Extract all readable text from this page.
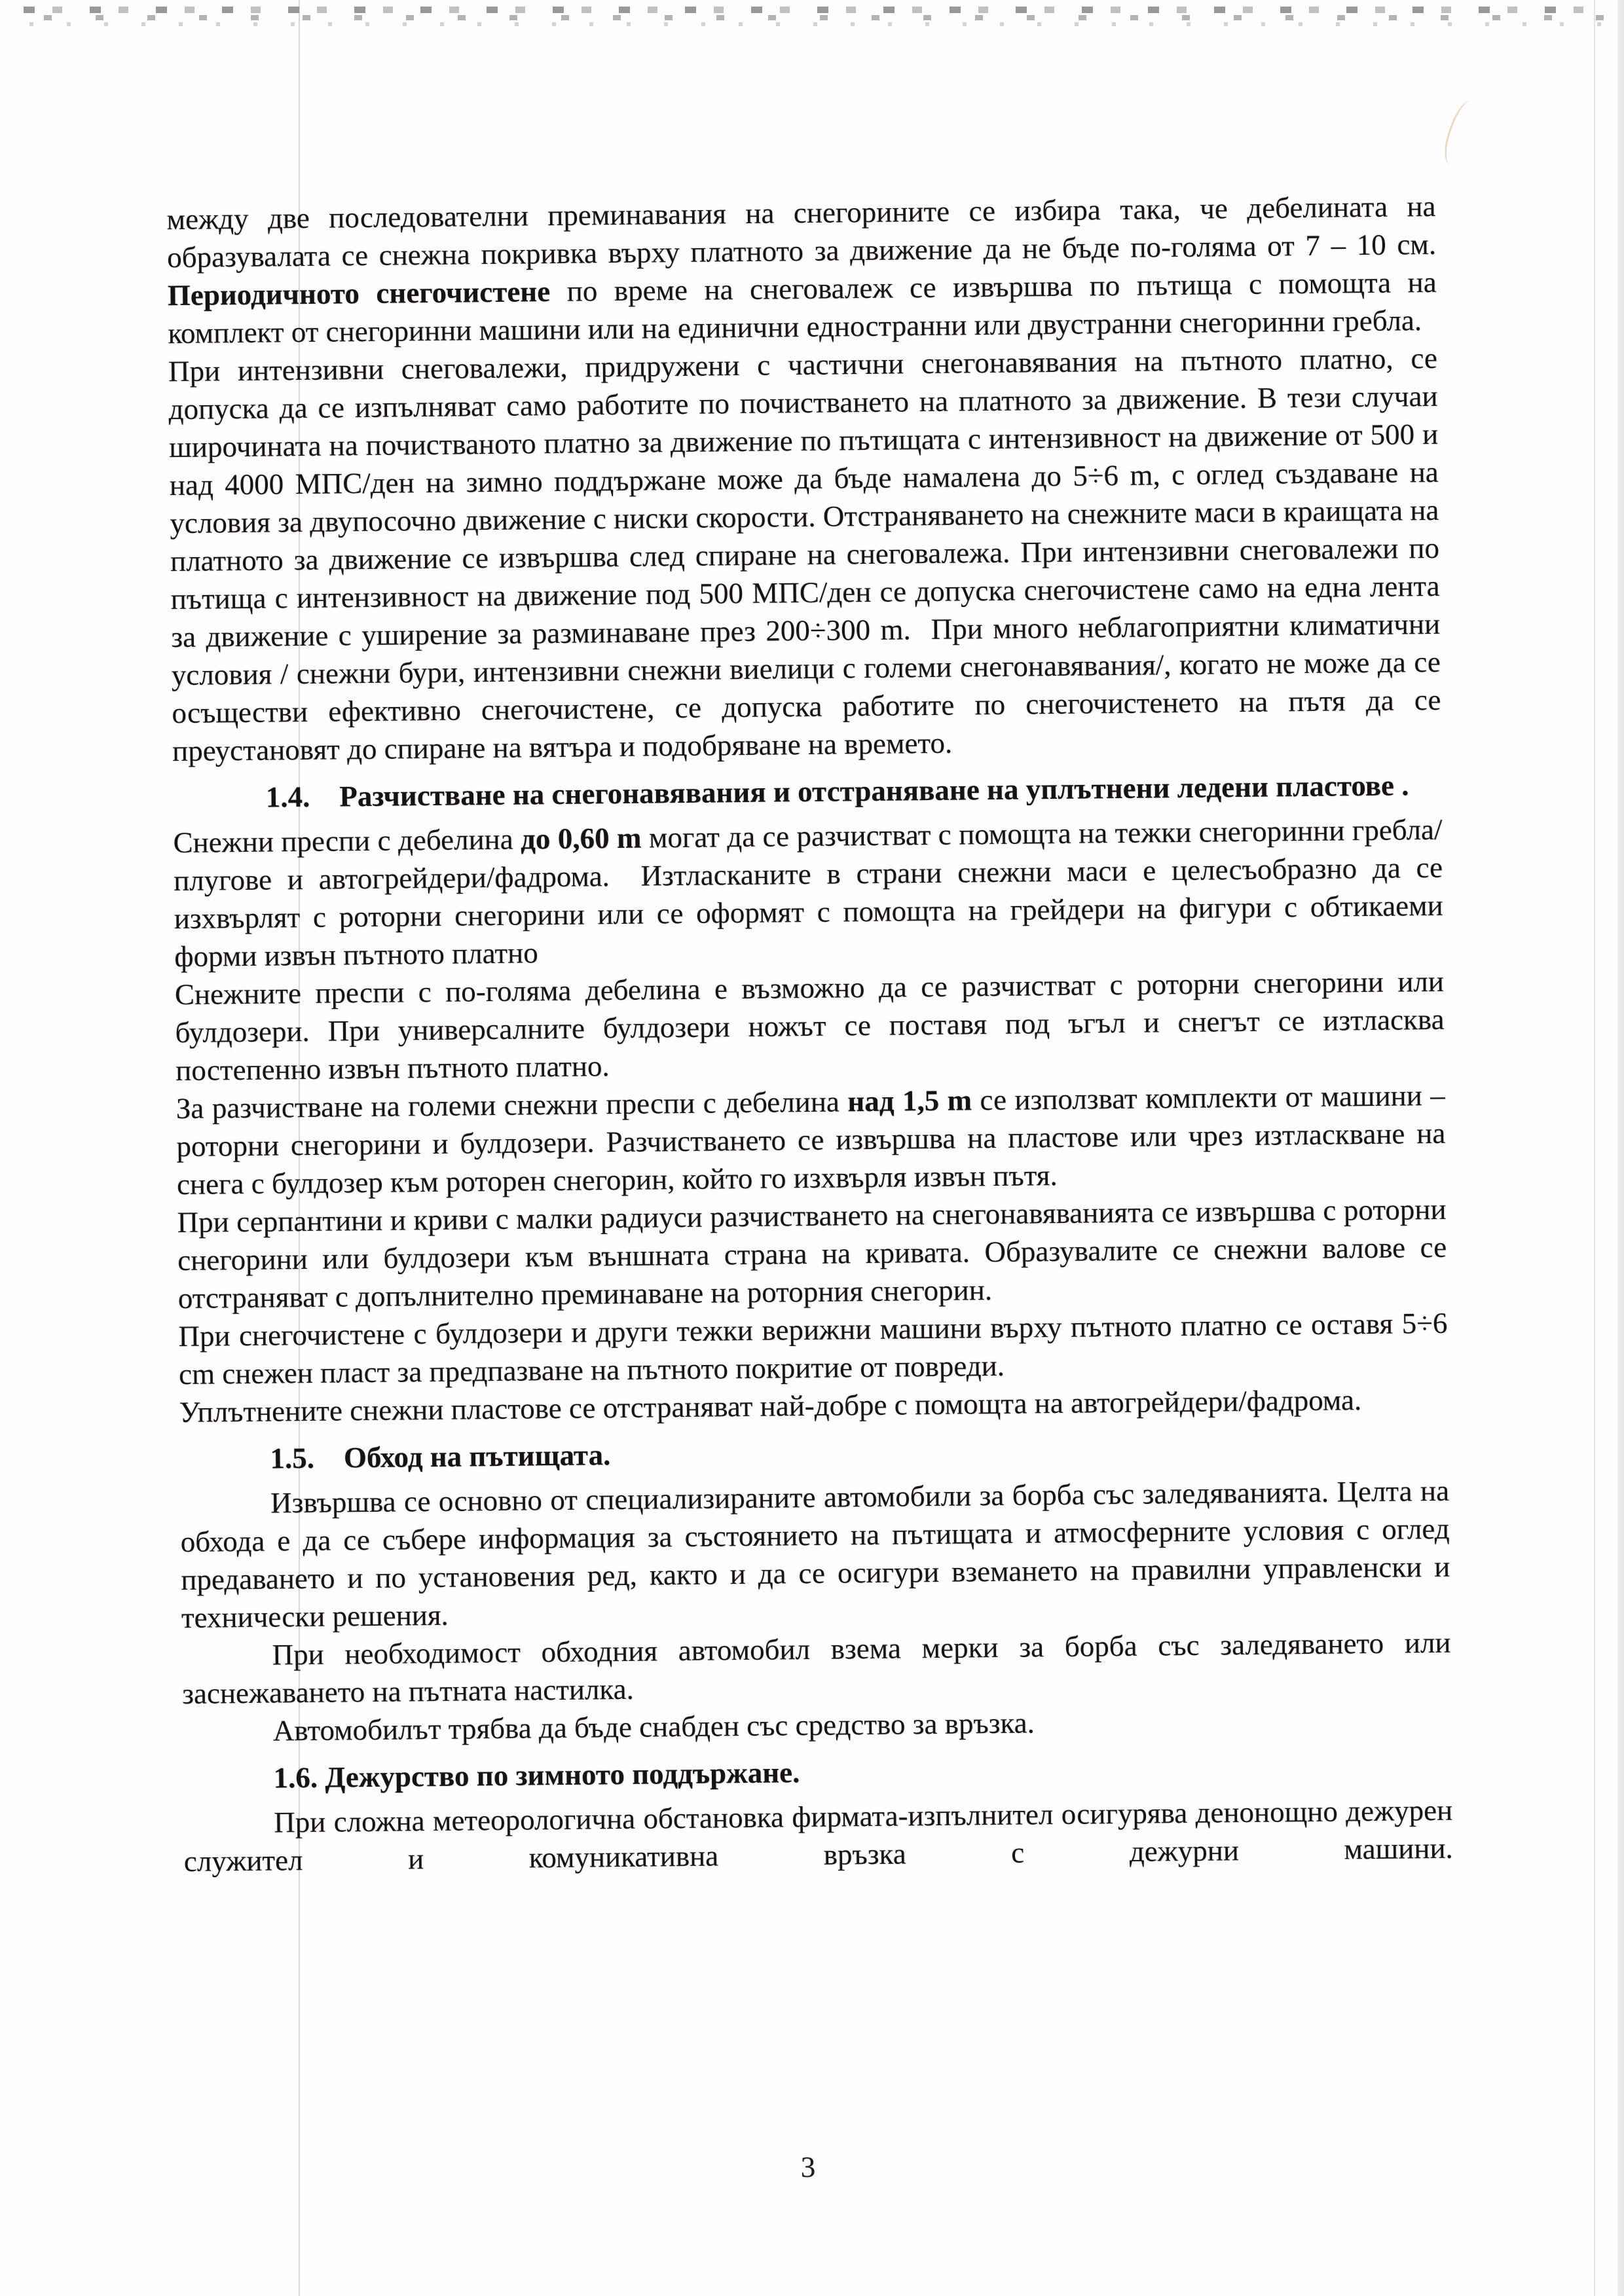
между две последователни преминавания на снегорините се избира така, че дебелината на образувалата се снежна покривка върху платното за движение да не бъде по-голяма от 7 – 10 см. Периодичното снегочистене по време на снеговалеж се извършва по пътища с помощта на комплект от снегоринни машини или на единични едностранни или двустранни снегоринни гребла.

При интензивни снеговалежи, придружени с частични снегонавявания на пътното платно, се допуска да се изпълняват само работите по почистването на платното за движение. В тези случаи широчината на почистваното платно за движение по пътищата с интензивност на движение от 500 и над 4000 МПС/ден на зимно поддържане може да бъде намалена до 5÷6 m, с оглед създаване на условия за двупосочно движение с ниски скорости. Отстраняването на снежните маси в краищата на платното за движение се извършва след спиране на снеговалежа. При интензивни снеговалежи по пътища с интензивност на движение под 500 МПС/ден се допуска снегочистене само на една лента за движение с уширение за разминаване през 200÷300 m.  При много неблагоприятни климатични условия / снежни бури, интензивни снежни виелици с големи снегонавявания/, когато не може да се осъществи ефективно снегочистене, се допуска работите по снегочистенето на пътя да се преустановят до спиране на вятъра и подобряване на времето.

1.4. Разчистване на снегонавявания и отстраняване на уплътнени ледени пластове .

Снежни преспи с дебелина до 0,60 m могат да се разчистват с помощта на тежки снегоринни гребла/плугове и автогрейдери/фадрома.  Изтласканите в страни снежни маси е целесъобразно да се изхвърлят с роторни снегорини или се оформят с помощта на грейдери на фигури с обтикаеми форми извън пътното платно

Снежните преспи с по-голяма дебелина е възможно да се разчистват с роторни снегорини или булдозери. При универсалните булдозери ножът се поставя под ъгъл и снегът се изтласква постепенно извън пътното платно.

За разчистване на големи снежни преспи с дебелина над 1,5 m се използват комплекти от машини – роторни снегорини и булдозери. Разчистването се извършва на пластове или чрез изтласкване на снега с булдозер към роторен снегорин, който го изхвърля извън пътя.

При серпантини и криви с малки радиуси разчистването на снегонавяванията се извършва с роторни снегорини или булдозери към външната страна на кривата. Образувалите се снежни валове се отстраняват с допълнително преминаване на роторния снегорин.

При снегочистене с булдозери и други тежки верижни машини върху пътното платно се оставя 5÷6 cm снежен пласт за предпазване на пътното покритие от повреди.

Уплътнените снежни пластове се отстраняват най-добре с помощта на автогрейдери/фадрома.

1.5. Обход на пътищата.

Извършва се основно от специализираните автомобили за борба със заледяванията. Целта на обхода е да се събере информация за състоянието на пътищата и атмосферните условия с оглед предаването и по установения ред, както и да се осигури вземането на правилни управленски и технически решения.

При необходимост обходния автомобил взема мерки за борба със заледяването или заснежаването на пътната настилка.

Автомобилът трябва да бъде снабден със средство за връзка.

1.6. Дежурство по зимното поддържане.

При сложна метеорологична обстановка фирмата-изпълнител осигурява денонощно дежурен служител и комуникативна връзка с дежурни машини.

3
